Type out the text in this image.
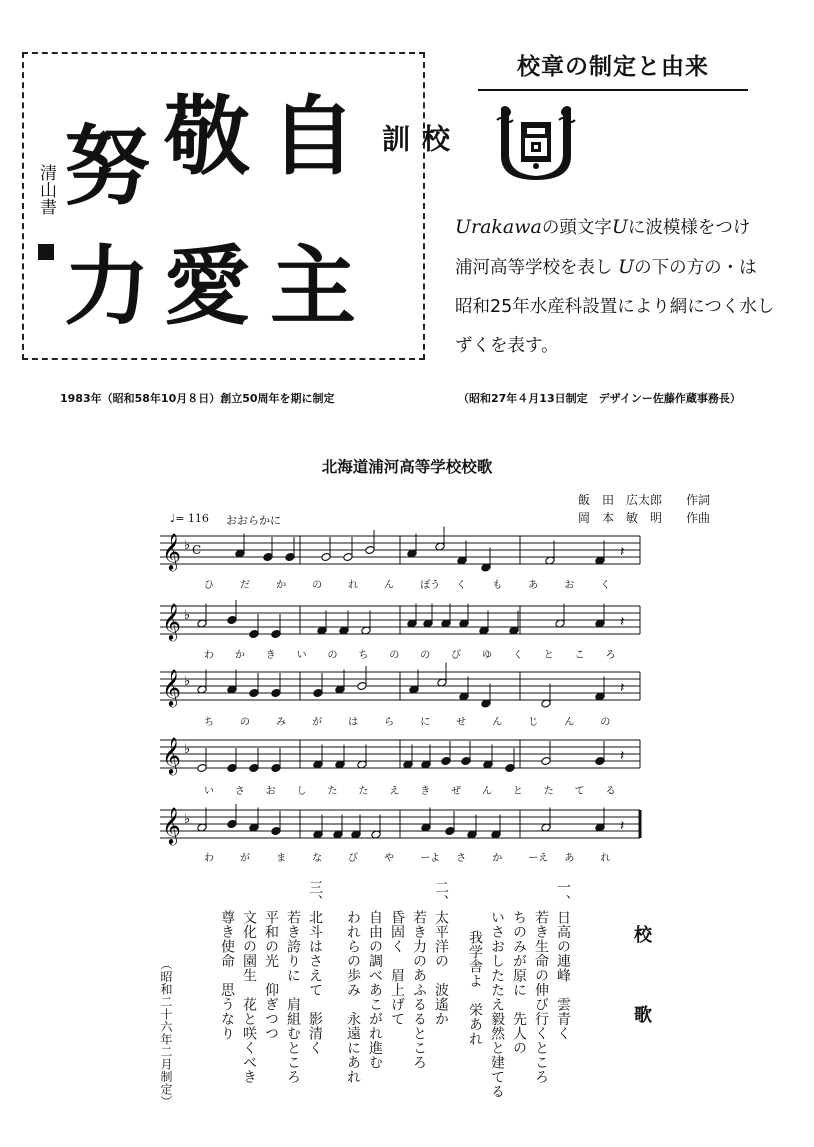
自
主
敬
愛
努
力
校 訓
清山書
1983年（昭和58年10月８日）創立50周年を期に制定
校章の制定と由来
Urakawaの頭文字Uに波模様をつけ
浦河高等学校を表し Uの下の方の・は
昭和25年水産科設置により網につく水し
ずくを表す。
（昭和27年４月13日制定　デザインー佐藤作蔵事務長）
北海道浦河高等学校校歌
飯　田　広太郎　　作詞
岡　本　敏　明　　作曲
♩= 116 おおらかに
𝄞 ♭	𝄽
𝄞 ♭	𝄽
𝄞 ♭	𝄽
𝄞 ♭	𝄽
𝄞 ♭	𝄽
C
ひ	だ	か	の	れ	ん	ぽう く	も	あ	お	く
わ か き い の ち の の び ゆ く と こ ろ
ち	の	み	が	は	ら	に	せ	ん	じ	ん	の
い さ お し た た え き ぜ ん と た て る
わ	が	ま	な	び	や	ーよ さ	か	ーえ あ	れ
校　歌
一、
日高の連峰　雲青く
若き生命の伸び行くところ
ちのみが原に　先人の
いさおしたたえ毅然と建てる
我学舎よ　栄あれ
二、
太平洋の　波遙か
若き力のあふるるところ
昏固く　眉上げて
自由の調べあこがれ進む
われらの歩み　永遠にあれ
三、
北斗はさえて　影清く
若き誇りに　肩組むところ
平和の光　仰ぎつつ
文化の園生　花と咲くべき
尊き使命　思うなり
（昭和二十六年二月制定）
